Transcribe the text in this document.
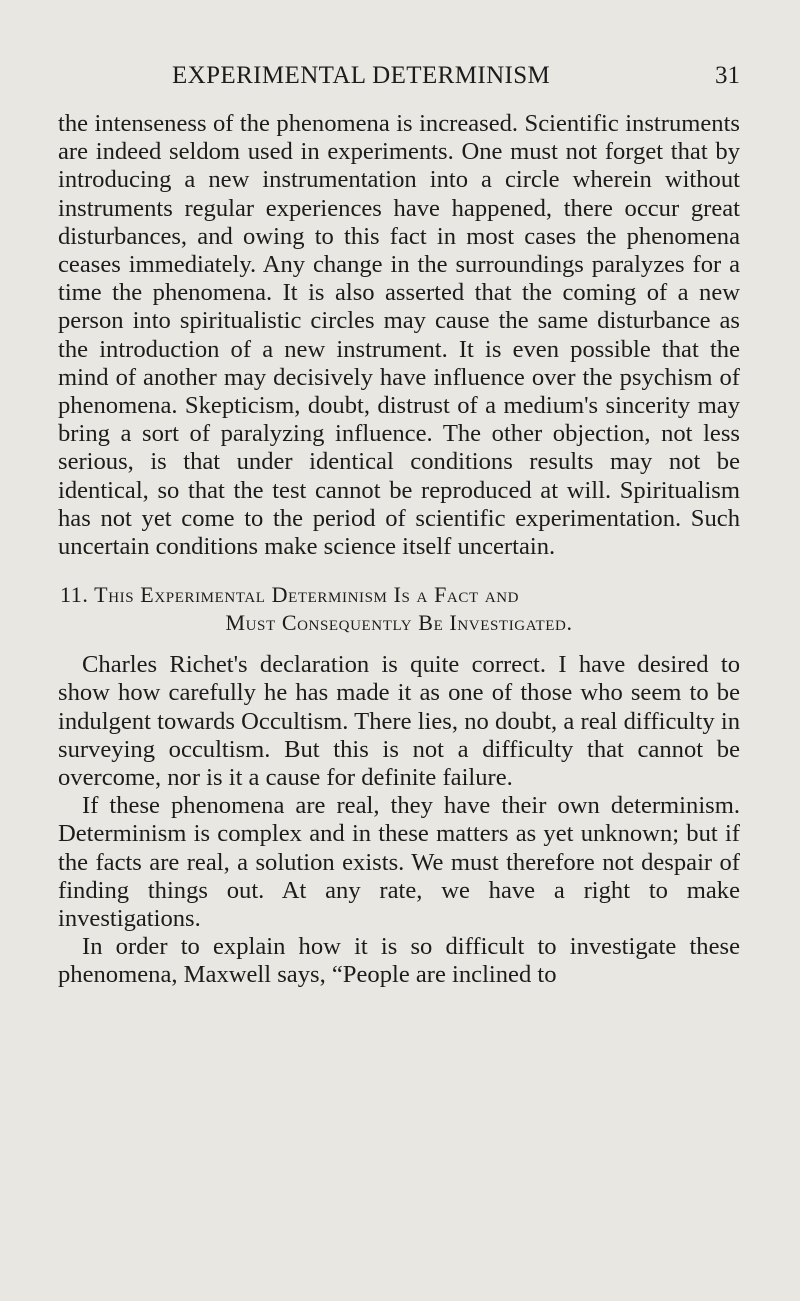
EXPERIMENTAL DETERMINISM	31

the intenseness of the phenomena is increased. Scientific instruments are indeed seldom used in experiments. One must not forget that by introducing a new instrumentation into a circle wherein without instruments regular experiences have happened, there occur great disturbances, and owing to this fact in most cases the phenomena ceases immediately. Any change in the surroundings paralyzes for a time the phenomena. It is also asserted that the coming of a new person into spiritualistic circles may cause the same disturbance as the introduction of a new instrument. It is even possible that the mind of another may decisively have influence over the psychism of phenomena. Skepticism, doubt, distrust of a medium's sincerity may bring a sort of paralyzing influence. The other objection, not less serious, is that under identical conditions results may not be identical, so that the test cannot be reproduced at will. Spiritualism has not yet come to the period of scientific experimentation. Such uncertain conditions make science itself uncertain.

11. This Experimental Determinism Is a Fact and
Must Consequently Be Investigated.

Charles Richet's declaration is quite correct. I have desired to show how carefully he has made it as one of those who seem to be indulgent towards Occultism. There lies, no doubt, a real difficulty in surveying occultism. But this is not a difficulty that cannot be overcome, nor is it a cause for definite failure.

If these phenomena are real, they have their own determinism. Determinism is complex and in these matters as yet unknown; but if the facts are real, a solution exists. We must therefore not despair of finding things out. At any rate, we have a right to make investigations.

In order to explain how it is so difficult to investigate these phenomena, Maxwell says, “People are inclined to
